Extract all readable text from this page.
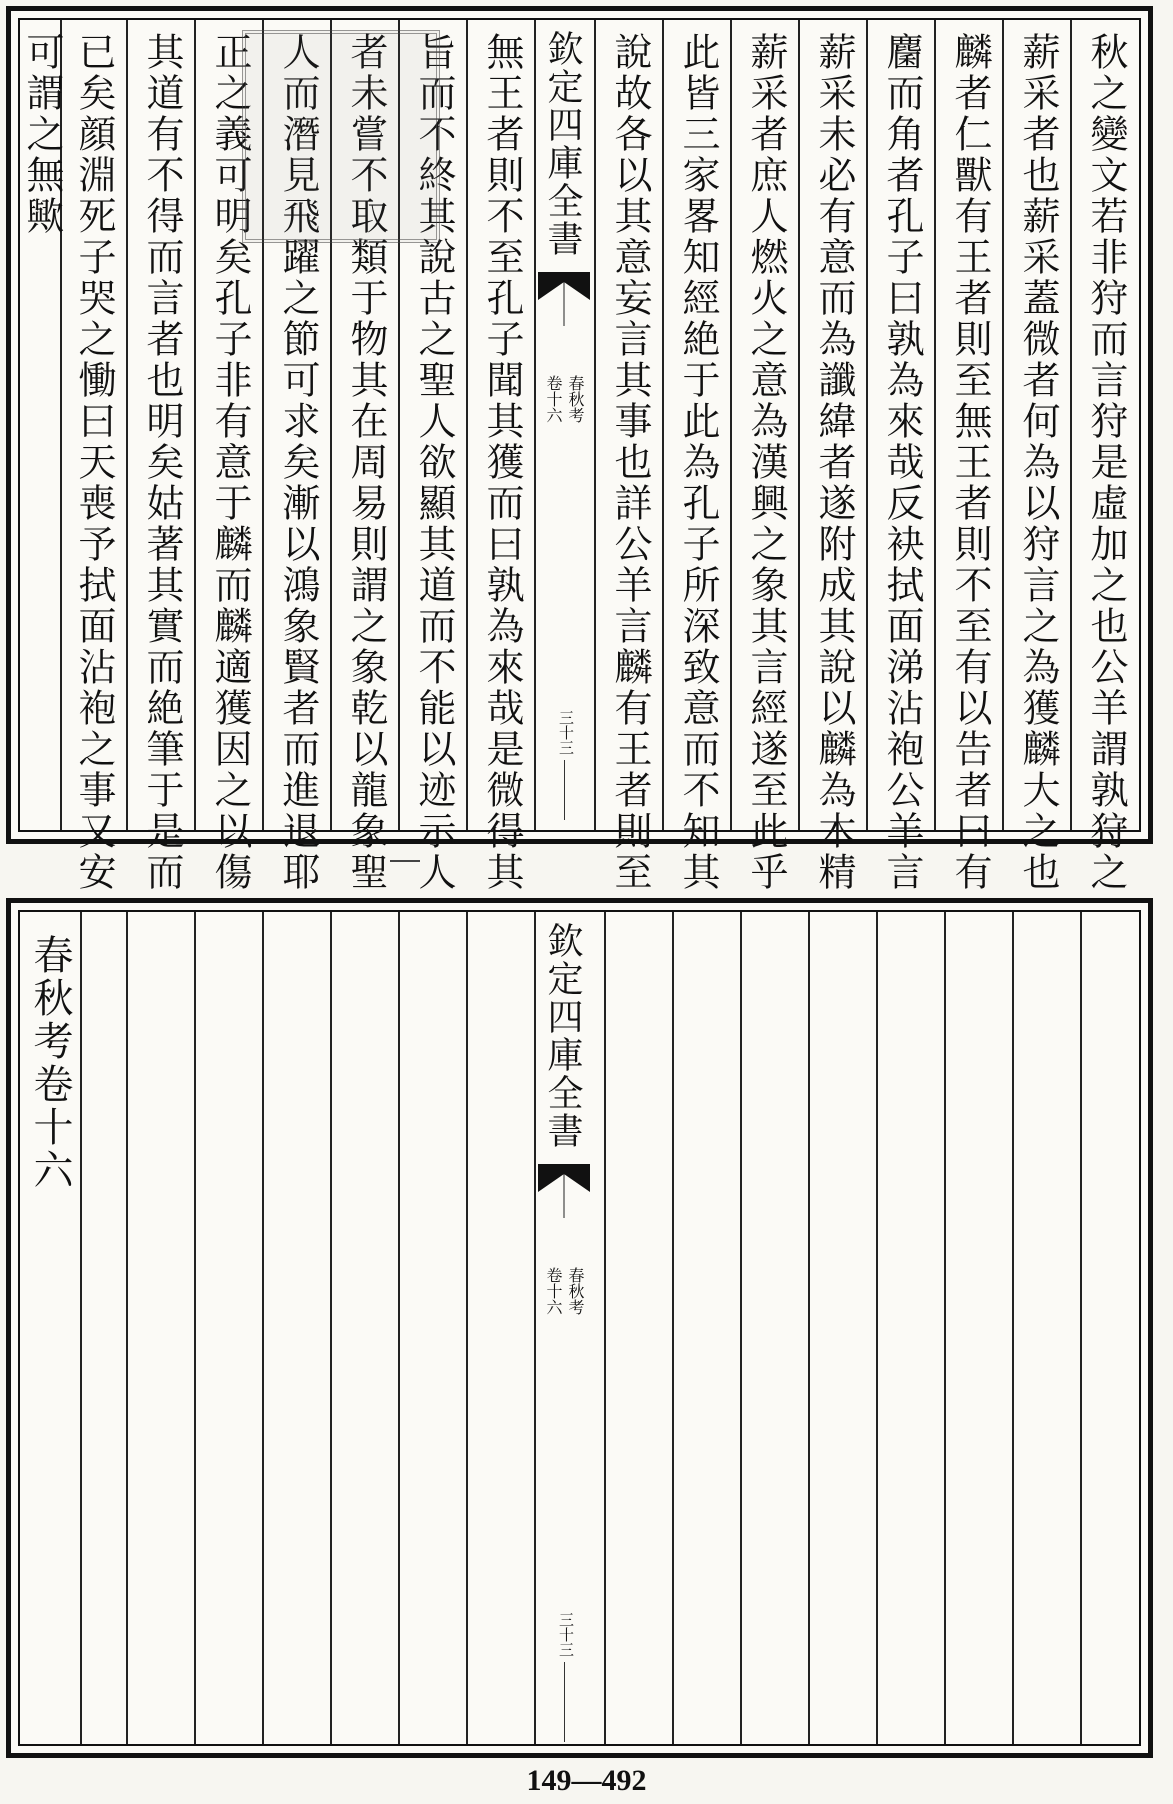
秋之變文若非狩而言狩是虛加之也公羊謂孰狩之
薪采者也薪采蓋微者何為以狩言之為獲麟大之也
麟者仁獸有王者則至無王者則不至有以告者曰有
麕而角者孔子曰孰為來哉反袂拭面涕沾袍公羊言
薪采未必有意而為讖緯者遂附成其說以麟為木精
薪采者庶人燃火之意為漢興之象其言經遂至此乎
此皆三家畧知經絶于此為孔子所深致意而不知其
說故各以其意妄言其事也詳公羊言麟有王者則至
欽定四庫全書
春秋考
卷十六
三十三
無王者則不至孔子聞其獲而曰孰為來哉是微得其
旨而不終其說古之聖人欲顯其道而不能以迹示人
者未嘗不取類于物其在周易則謂之象乾以龍象聖
人而潛見飛躍之節可求矣漸以鴻象賢者而進退耶
正之義可明矣孔子非有意于麟而麟適獲因之以傷
其道有不得而言者也明矣姑著其實而絶筆于是而
已矣顔淵死子哭之慟曰天喪予拭面沾袍之事又安
可謂之無歟
欽定四庫全書
春秋考
卷十六
三十三
春秋考卷十六
149—492
